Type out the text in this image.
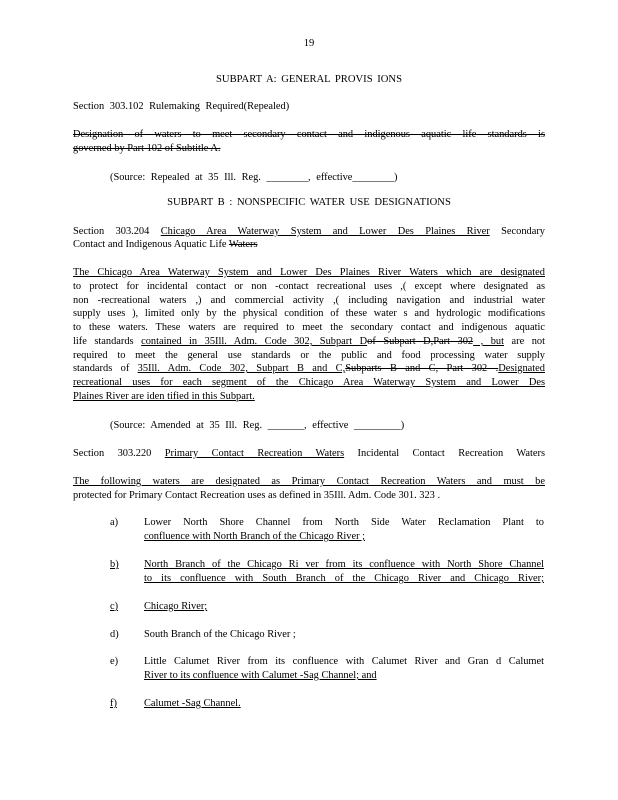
19
SUBPART A: GENERAL PROVIS IONS
Section 303.102 Rulemaking Required(Repealed)
Designation of waters to meet secondary contact and indigenous aquatic life standards is
governed by Part 102 of Subtitle A.
(Source: Repealed at 35 Ill. Reg. ________, effective________)
SUBPART B : NONSPECIFIC WATER USE DESIGNATIONS
Section 303.204 Chicago Area Waterway System and Lower Des Plaines River Secondary
Contact and Indigenous Aquatic Life Waters
The Chicago Area Waterway System and Lower Des Plaines River Waters which are designated
to protect for incidental contact or non -contact recreational uses ,( except where designated as
non -recreational waters ,) and commercial activity ,( including navigation and industrial water
supply uses ), limited only by the physical condition of these water s and hydrologic modifications
to these waters. These waters are required to meet the secondary contact and indigenous aquatic
life standards contained in 35Ill. Adm. Code 302, Subpart Dof Subpart D,Part 302 , but are not
required to meet the general use standards or the public and food processing water supply
standards of 35Ill. Adm. Code 302, Subpart B and C,Subparts B and C, Part 302 .Designated
recreational uses for each segment of the Chicago Area Waterway System and Lower Des
Plaines River are iden tified in this Subpart.
(Source: Amended at 35 Ill. Reg. _______, effective _________)
Section 303.220 Primary Contact Recreation Waters Incidental Contact Recreation Waters
The following waters are designated as Primary Contact Recreation Waters and must be
protected for Primary Contact Recreation uses as defined in 35Ill. Adm. Code 301. 323 .
a) Lower North Shore Channel from North Side Water Reclamation Plant to
confluence with North Branch of the Chicago River ;
b) North Branch of the Chicago Ri ver from its confluence with North Shore Channel
to its confluence with South Branch of the Chicago River and Chicago River;
c) Chicago River;
d) South Branch of the Chicago River ;
e) Little Calumet River from its confluence with Calumet River and Gran d Calumet
River to its confluence with Calumet -Sag Channel; and
f)	Calumet -Sag Channel.
